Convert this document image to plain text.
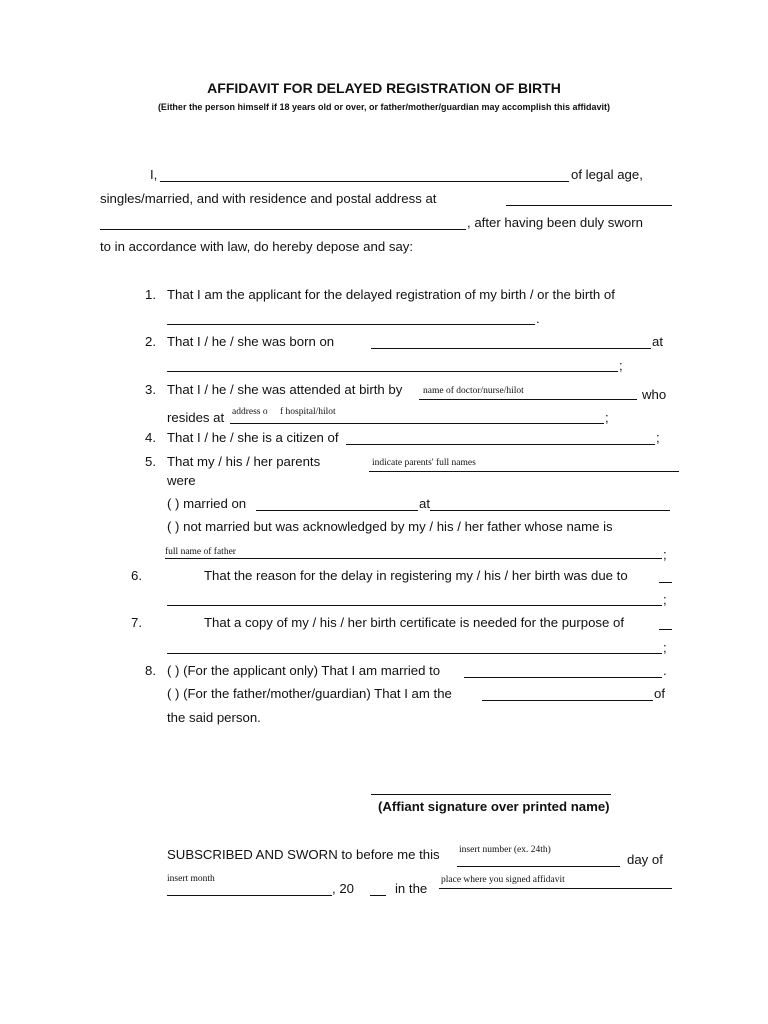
AFFIDAVIT FOR DELAYED REGISTRATION OF BIRTH
(Either the person himself if 18 years old or over, or father/mother/guardian may accomplish this affidavit)
I,	of legal age,
singles/married, and with residence and postal address at
, after having been duly sworn
to in accordance with law, do hereby depose and say:
1. That I am the applicant for the delayed registration of my birth / or the birth of
.
2. That I / he / she was born on	at
;
3. That I / he / she was attended at birth by name of doctor/nurse/hilot	who
resides at address o f hospital/hilot	;
4. That I / he / she is a citizen of	;
5. That my / his / her parents	indicate parents' full names
were
( ) married on	at
( ) not married but was acknowledged by my / his / her father whose name is
full name of father	;
6.	That the reason for the delay in registering my / his / her birth was due to
;
7.	That a copy of my / his / her birth certificate is needed for the purpose of
;
8. ( ) (For the applicant only) That I am married to	.
( ) (For the father/mother/guardian) That I am the	of
the said person.
(Affiant signature over printed name)
SUBSCRIBED AND SWORN to before me this insert number (ex. 24th)
day of
insert month
, 20	in the
place where you signed affidavit
